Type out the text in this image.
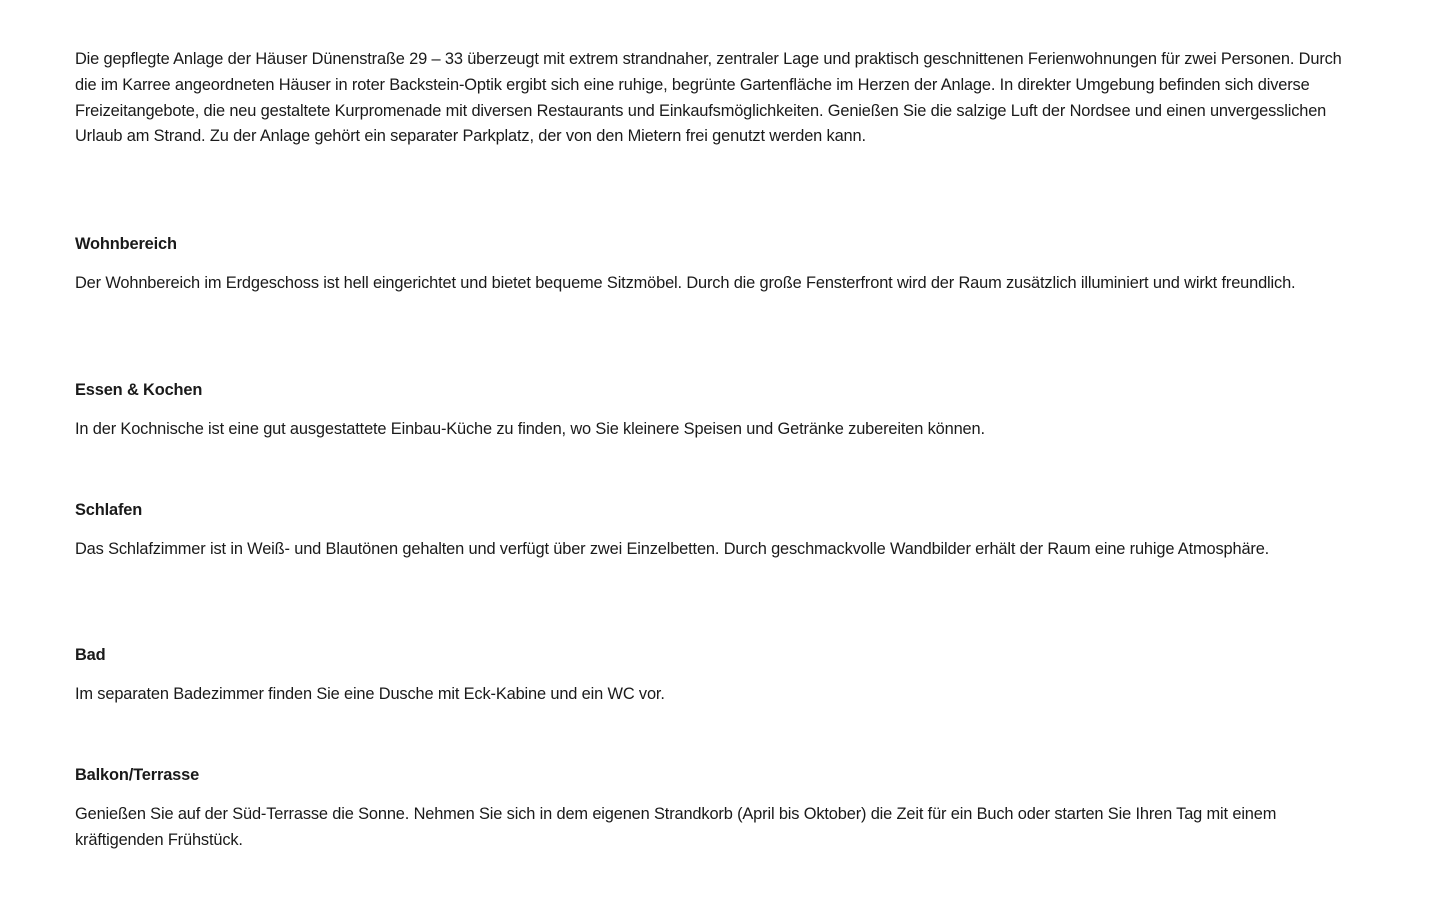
Die gepflegte Anlage der Häuser Dünenstraße 29 – 33 überzeugt mit extrem strandnaher, zentraler Lage und praktisch geschnittenen Ferienwohnungen für zwei Personen. Durch die im Karree angeordneten Häuser in roter Backstein-Optik ergibt sich eine ruhige, begrünte Gartenfläche im Herzen der Anlage. In direkter Umgebung befinden sich diverse Freizeitangebote, die neu gestaltete Kurpromenade mit diversen Restaurants und Einkaufsmöglichkeiten. Genießen Sie die salzige Luft der Nordsee und einen unvergesslichen Urlaub am Strand. Zu der Anlage gehört ein separater Parkplatz, der von den Mietern frei genutzt werden kann.

Wohnbereich

Der Wohnbereich im Erdgeschoss ist hell eingerichtet und bietet bequeme Sitzmöbel. Durch die große Fensterfront wird der Raum zusätzlich illuminiert und wirkt freundlich.

Essen & Kochen

In der Kochnische ist eine gut ausgestattete Einbau-Küche zu finden, wo Sie kleinere Speisen und Getränke zubereiten können.

Schlafen

Das Schlafzimmer ist in Weiß- und Blautönen gehalten und verfügt über zwei Einzelbetten. Durch geschmackvolle Wandbilder erhält der Raum eine ruhige Atmosphäre.

Bad

Im separaten Badezimmer finden Sie eine Dusche mit Eck-Kabine und ein WC vor.

Balkon/Terrasse

Genießen Sie auf der Süd-Terrasse die Sonne. Nehmen Sie sich in dem eigenen Strandkorb (April bis Oktober) die Zeit für ein Buch oder starten Sie Ihren Tag mit einem kräftigenden Frühstück.
